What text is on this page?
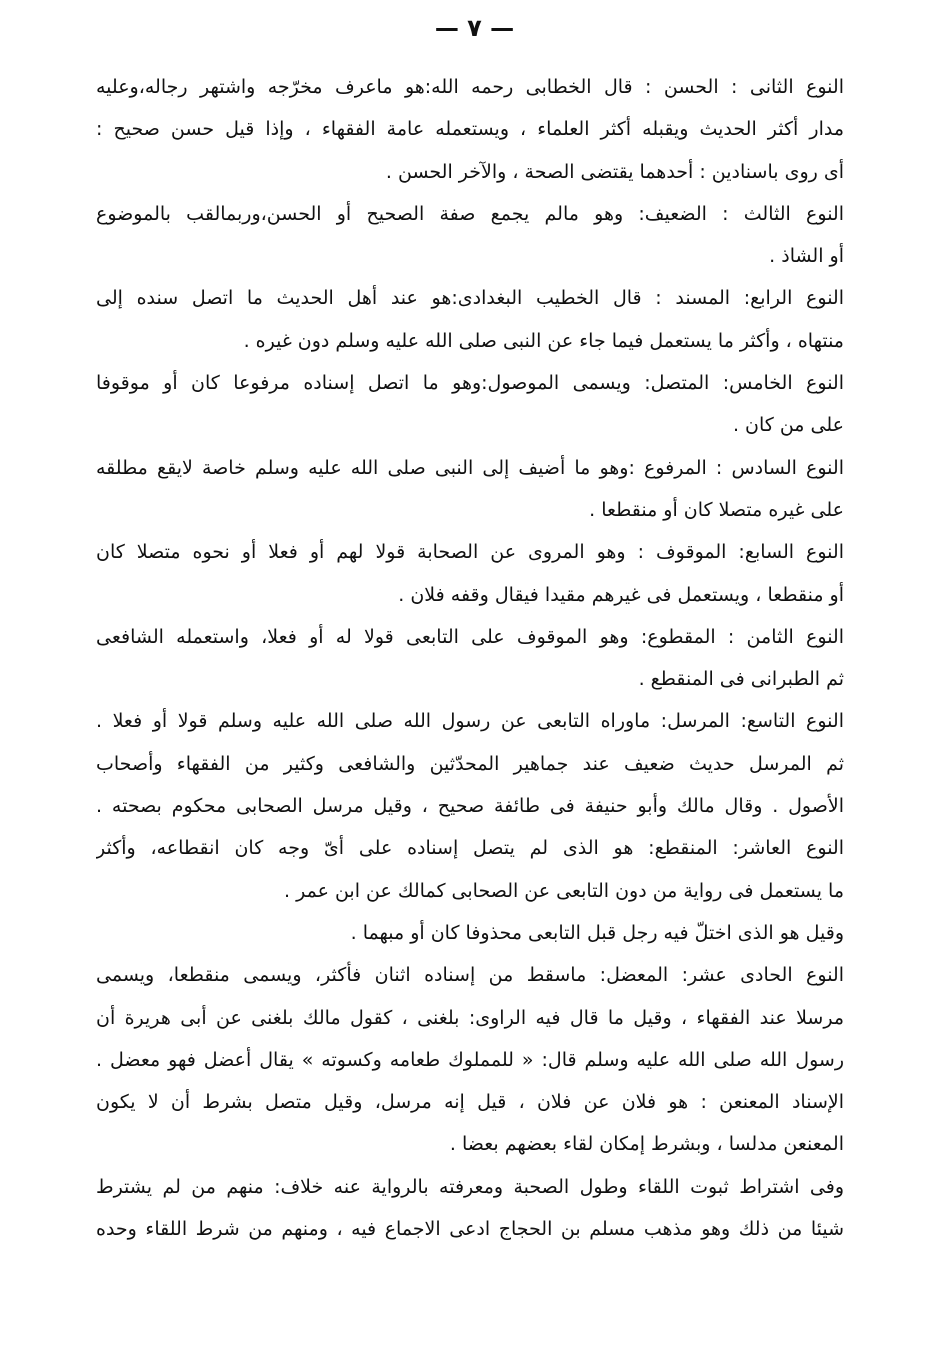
— ٧ —
النوع الثانى : الحسن : قال الخطابى رحمه الله:هو ماعرف مخرّجه واشتهر رجاله،وعليه
مدار أكثر الحديث ويقبله أكثر العلماء ، ويستعمله عامة الفقهاء ، وإذا قيل حسن صحيح :
أى روى باسنادين : أحدهما يقتضى الصحة ، والآخر الحسن .
النوع الثالث : الضعيف: وهو مالم يجمع صفة الصحيح أو الحسن،وربمالقب بالموضوع
أو الشاذ .
النوع الرابع: المسند : قال الخطيب البغدادى:هو عند أهل الحديث ما اتصل سنده إلى
منتهاه ، وأكثر ما يستعمل فيما جاء عن النبى صلى الله عليه وسلم دون غيره .
النوع الخامس: المتصل: ويسمى الموصول:وهو ما اتصل إسناده مرفوعا كان أو موقوفا
على من كان .
النوع السادس : المرفوع :وهو ما أضيف إلى النبى صلى الله عليه وسلم خاصة لايقع مطلقه
على غيره متصلا كان أو منقطعا .
النوع السابع: الموقوف : وهو المروى عن الصحابة قولا لهم أو فعلا أو نحوه متصلا كان
أو منقطعا ، ويستعمل فى غيرهم مقيدا فيقال وقفه فلان .
النوع الثامن : المقطوع: وهو الموقوف على التابعى قولا له أو فعلا، واستعمله الشافعى
ثم الطبرانى فى المنقطع .
النوع التاسع: المرسل: ماوراه التابعى عن رسول الله صلى الله عليه وسلم قولا أو فعلا .
ثم المرسل حديث ضعيف عند جماهير المحدّثين والشافعى وكثير من الفقهاء وأصحاب
الأصول . وقال مالك وأبو حنيفة فى طائفة صحيح ، وقيل مرسل الصحابى محكوم بصحته .
النوع العاشر: المنقطع: هو الذى لم يتصل إسناده على أىّ وجه كان انقطاعه، وأكثر
ما يستعمل فى رواية من دون التابعى عن الصحابى كمالك عن ابن عمر .
وقيل هو الذى اختلّ فيه رجل قبل التابعى محذوفا كان أو مبهما .
النوع الحادى عشر: المعضل: ماسقط من إسناده اثنان فأكثر، ويسمى منقطعا، ويسمى
مرسلا عند الفقهاء ، وقيل ما قال فيه الراوى: بلغنى ، كقول مالك بلغنى عن أبى هريرة أن
رسول الله صلى الله عليه وسلم قال: « للمملوك طعامه وكسوته » يقال أعضل فهو معضل .
الإسناد المعنعن : هو فلان عن فلان ، قيل إنه مرسل، وقيل متصل بشرط أن لا يكون
المعنعن مدلسا ، وبشرط إمكان لقاء بعضهم بعضا .
وفى اشتراط ثبوت اللقاء وطول الصحبة ومعرفته بالرواية عنه خلاف: منهم من لم يشترط
شيئا من ذلك وهو مذهب مسلم بن الحجاج ادعى الاجماع فيه ، ومنهم من شرط اللقاء وحده
